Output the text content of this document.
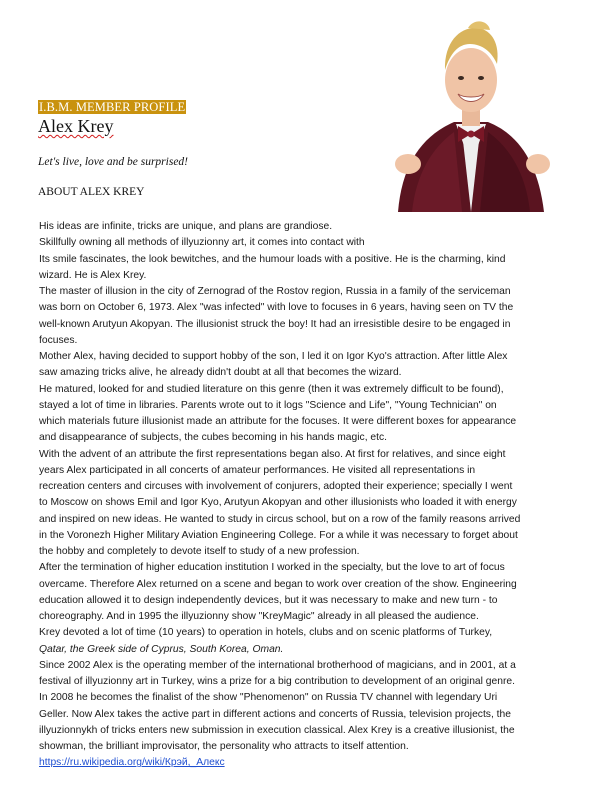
I.B.M. MEMBER PROFILE
Alex Krey
Let's live, love and be surprised!
ABOUT ALEX KREY
His ideas are infinite, tricks are unique, and plans are grandiose.
Skillfully owning all methods of illyuzionny art, it comes into contact with
Its smile fascinates, the look bewitches, and the humour loads with a positive. He is the charming, kind
wizard. He is Alex Krey.
The master of illusion in the city of Zernograd of the Rostov region, Russia in a family of the serviceman
was born on October 6, 1973. Alex "was infected" with love to focuses in 6 years, having seen on TV the
well-known Arutyun Akopyan. The illusionist struck the boy! It had an irresistible desire to be engaged in
focuses.
Mother Alex, having decided to support hobby of the son, I led it on Igor Kyo's attraction. After little Alex
saw amazing tricks alive, he already didn't doubt at all that becomes the wizard.
He matured, looked for and studied literature on this genre (then it was extremely difficult to be found),
stayed a lot of time in libraries. Parents wrote out to it logs "Science and Life", "Young Technician" on
which materials future illusionist made an attribute for the focuses. It were different boxes for appearance
and disappearance of subjects, the cubes becoming in his hands magic, etc.
With the advent of an attribute the first representations began also. At first for relatives, and since eight
years Alex participated in all concerts of amateur performances. He visited all representations in
recreation centers and circuses with involvement of conjurers, adopted their experience; specially I went
to Moscow on shows Emil and Igor Kyo, Arutyun Akopyan and other illusionists who loaded it with energy
and inspired on new ideas. He wanted to study in circus school, but on a row of the family reasons arrived
in the Voronezh Higher Military Aviation Engineering College. For a while it was necessary to forget about
the hobby and completely to devote itself to study of a new profession.
After the termination of higher education institution I worked in the specialty, but the love to art of focus
overcame. Therefore Alex returned on a scene and began to work over creation of the show. Engineering
education allowed it to design independently devices, but it was necessary to make and new turn - to
choreography. And in 1995 the illyuzionny show "KreyMagic" already in all pleased the audience.
Krey devoted a lot of time (10 years) to operation in hotels, clubs and on scenic platforms of Turkey,
Qatar, the Greek side of Cyprus, South Korea, Oman.
Since 2002 Alex is the operating member of the international brotherhood of magicians, and in 2001, at a
festival of illyuzionny art in Turkey, wins a prize for a big contribution to development of an original genre.
In 2008 he becomes the finalist of the show "Phenomenon" on Russia TV channel with legendary Uri
Geller. Now Alex takes the active part in different actions and concerts of Russia, television projects, the
illyuzionnykh of tricks enters new submission in execution classical. Alex Krey is a creative illusionist, the
showman, the brilliant improvisator, the personality who attracts to itself attention.
https://ru.wikipedia.org/wiki/Крэй,_Алекс
